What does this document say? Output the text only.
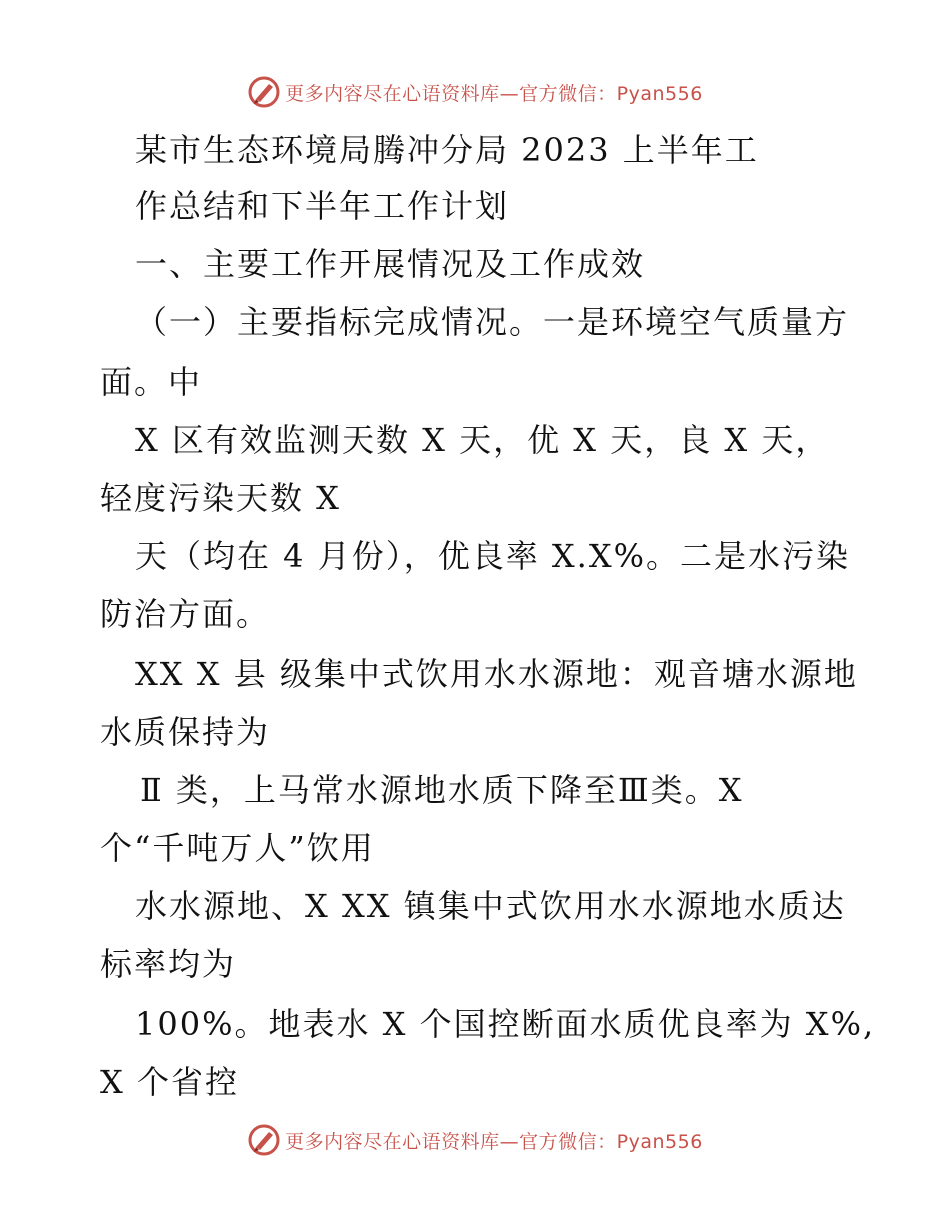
更多内容尽在心语资料库—官方微信：Pyan556
某市生态环境局腾冲分局 2023 上半年工
作总结和下半年工作计划
一、主要工作开展情况及工作成效
（一）主要指标完成情况。一是环境空气质量方
面。中
X 区有效监测天数 X 天，优 X 天，良 X 天，
轻度污染天数 X
天（均在 4 月份），优良率 X.X%。二是水污染
防治方面。
XX X 县 级集中式饮用水水源地：观音塘水源地
水质保持为
Ⅱ 类，上马常水源地水质下降至Ⅲ类。X
个“千吨万人”饮用
水水源地、X XX 镇集中式饮用水水源地水质达
标率均为
100%。地表水 X 个国控断面水质优良率为 X%,
X 个省控
更多内容尽在心语资料库—官方微信：Pyan556
